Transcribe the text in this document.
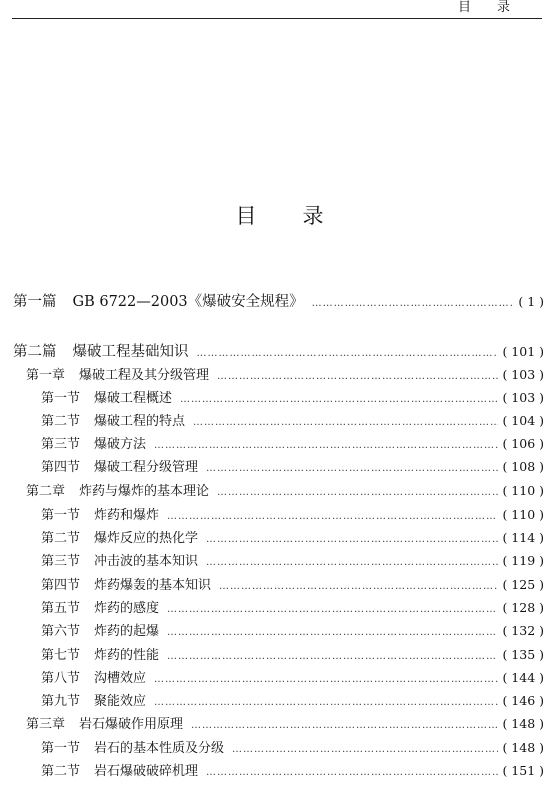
目 录
目 录
第一篇 GB 6722—2003《爆破安全规程》 ………………………………………………………………………………………………………………………………………………………………………………………	( 1 )
第二篇 爆破工程基础知识 ………………………………………………………………………………………………………………………………………………………………………………………	( 101 )
第一章 爆破工程及其分级管理 ………………………………………………………………………………………………………………………………………………………………………………………	( 103 )
第一节 爆破工程概述 ………………………………………………………………………………………………………………………………………………………………………………………	( 103 )
第二节 爆破工程的特点 ………………………………………………………………………………………………………………………………………………………………………………………	( 104 )
第三节 爆破方法 ………………………………………………………………………………………………………………………………………………………………………………………	( 106 )
第四节 爆破工程分级管理 ………………………………………………………………………………………………………………………………………………………………………………………	( 108 )
第二章 炸药与爆炸的基本理论 ………………………………………………………………………………………………………………………………………………………………………………………	( 110 )
第一节 炸药和爆炸 ………………………………………………………………………………………………………………………………………………………………………………………	( 110 )
第二节 爆炸反应的热化学 ………………………………………………………………………………………………………………………………………………………………………………………	( 114 )
第三节 冲击波的基本知识 ………………………………………………………………………………………………………………………………………………………………………………………	( 119 )
第四节 炸药爆轰的基本知识 ………………………………………………………………………………………………………………………………………………………………………………………	( 125 )
第五节 炸药的感度 ………………………………………………………………………………………………………………………………………………………………………………………	( 128 )
第六节 炸药的起爆 ………………………………………………………………………………………………………………………………………………………………………………………	( 132 )
第七节 炸药的性能 ………………………………………………………………………………………………………………………………………………………………………………………	( 135 )
第八节 沟槽效应 ………………………………………………………………………………………………………………………………………………………………………………………	( 144 )
第九节 聚能效应 ………………………………………………………………………………………………………………………………………………………………………………………	( 146 )
第三章 岩石爆破作用原理 ………………………………………………………………………………………………………………………………………………………………………………………	( 148 )
第一节 岩石的基本性质及分级 ………………………………………………………………………………………………………………………………………………………………………………………	( 148 )
第二节 岩石爆破破碎机理 ………………………………………………………………………………………………………………………………………………………………………………………	( 151 )
